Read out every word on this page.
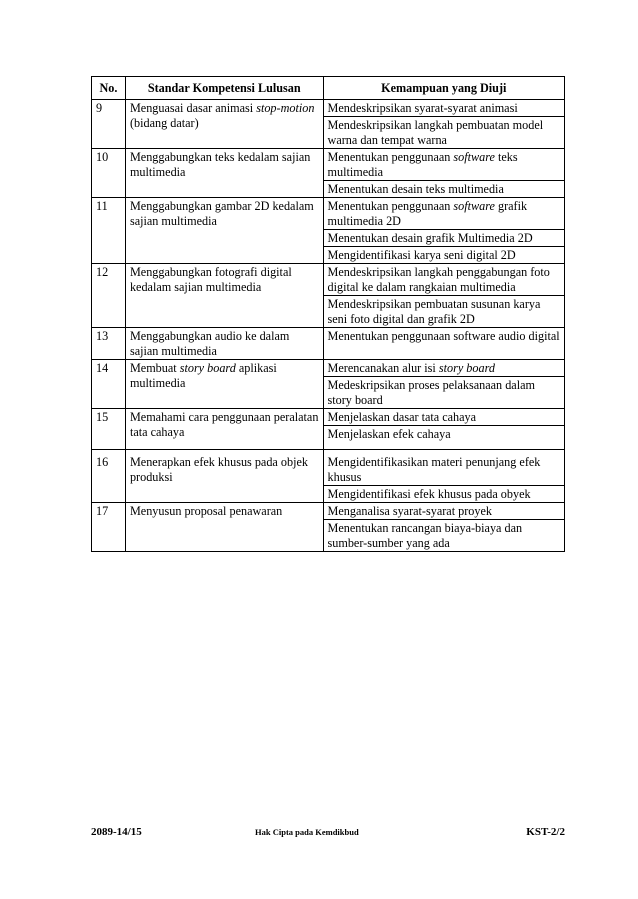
No.	Standar Kompetensi Lulusan	Kemampuan yang Diuji
9	Menguasai dasar animasi stop-motion (bidang datar)	Mendeskripsikan syarat-syarat animasi
		Mendeskripsikan langkah pembuatan model warna dan tempat warna
10	Menggabungkan teks kedalam sajian multimedia	Menentukan penggunaan software teks multimedia
		Menentukan desain teks multimedia
11	Menggabungkan gambar 2D kedalam sajian multimedia	Menentukan penggunaan software grafik multimedia 2D
		Menentukan desain grafik Multimedia 2D
		Mengidentifikasi karya seni digital 2D
12	Menggabungkan fotografi digital kedalam sajian multimedia	Mendeskripsikan langkah penggabungan foto digital ke dalam rangkaian multimedia
		Mendeskripsikan pembuatan susunan karya seni foto digital dan grafik 2D
13	Menggabungkan audio ke dalam sajian multimedia	Menentukan penggunaan software audio digital
14	Membuat story board aplikasi multimedia	Merencanakan alur isi story board
		Medeskripsikan proses pelaksanaan dalam story board
15	Memahami cara penggunaan peralatan tata cahaya	Menjelaskan dasar tata cahaya
		Menjelaskan efek cahaya
16	Menerapkan efek khusus pada objek produksi	Mengidentifikasikan materi penunjang efek khusus
		Mengidentifikasi efek khusus pada obyek
17	Menyusun proposal penawaran	Menganalisa syarat-syarat proyek
		Menentukan rancangan biaya-biaya dan sumber-sumber yang ada
2089-14/15	Hak Cipta pada Kemdikbud	KST-2/2
